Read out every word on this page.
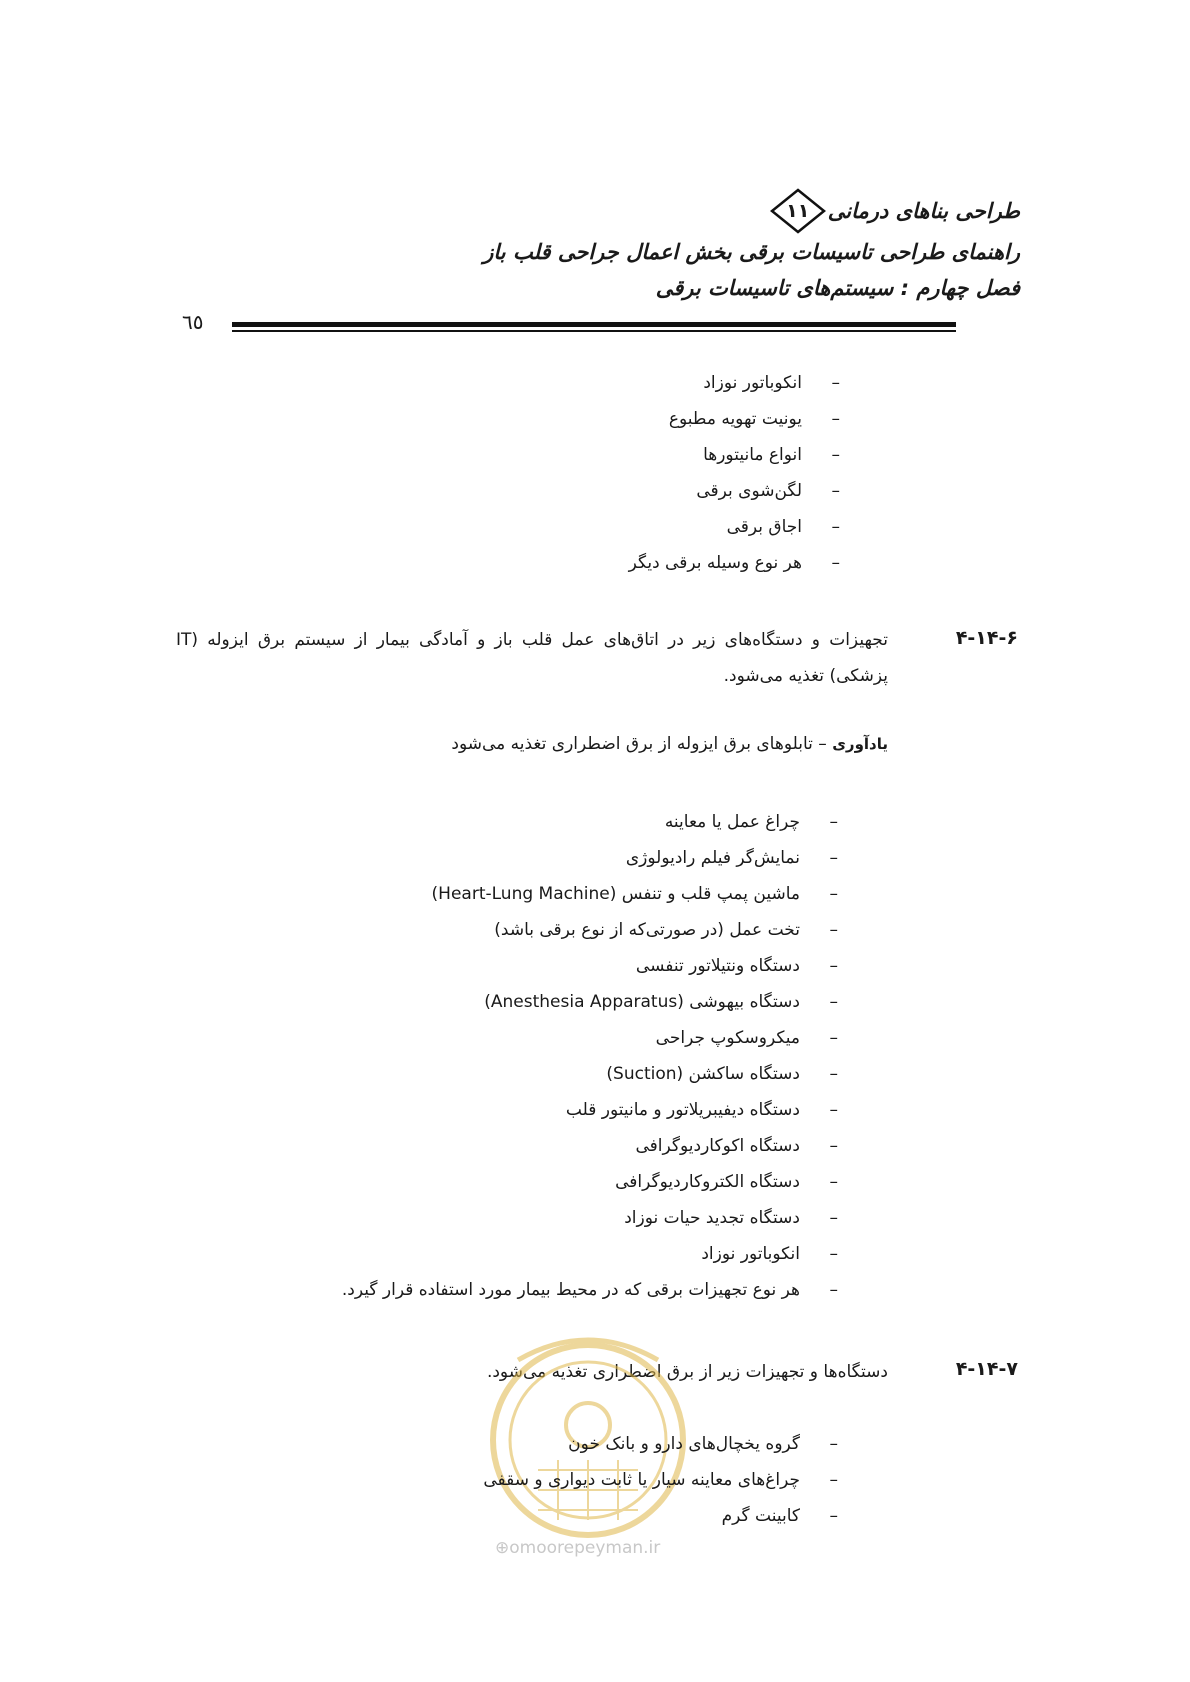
طراحی بناهای درمانی
۱۱
راهنمای طراحی تاسیسات برقی بخش اعمال جراحی قلب باز
فصل چهارم : سیستم‌های تاسیسات برقی
٦٥
–انکوباتور نوزاد
–یونیت تهویه مطبوع
–انواع مانیتورها
–لگن‌شوی برقی
–اجاق برقی
–هر نوع وسیله برقی دیگر
۴-۱۴-۶
تجهیزات و دستگاه‌های زیر در اتاق‌های عمل قلب باز و آمادگی بیمار از سیستم برق ایزوله (IT پزشکی) تغذیه می‌شود.
یادآوری – تابلوهای برق ایزوله از برق اضطراری تغذیه می‌شود
–چراغ عمل یا معاینه
–نمایش‌گر فیلم رادیولوژی
–ماشین پمپ قلب و تنفس (Heart-Lung Machine)
–تخت عمل (در صورتی‌که از نوع برقی باشد)
–دستگاه ونتیلاتور تنفسی
–دستگاه بیهوشی (Anesthesia Apparatus)
–میکروسکوپ جراحی
–دستگاه ساکشن (Suction)
–دستگاه دیفیبریلاتور و مانیتور قلب
–دستگاه اکوکاردیوگرافی
–دستگاه الکتروکاردیوگرافی
–دستگاه تجدید حیات نوزاد
–انکوباتور نوزاد
–هر نوع تجهیزات برقی که در محیط بیمار مورد استفاده قرار گیرد.
۴-۱۴-۷
دستگاه‌ها و تجهیزات زیر از برق اضطراری تغذیه می‌شود.
–گروه یخچال‌های دارو و بانک خون
–چراغ‌های معاینه سیار یا ثابت دیواری و سقفی
–کابینت گرم
⊕omoorepeyman.ir
